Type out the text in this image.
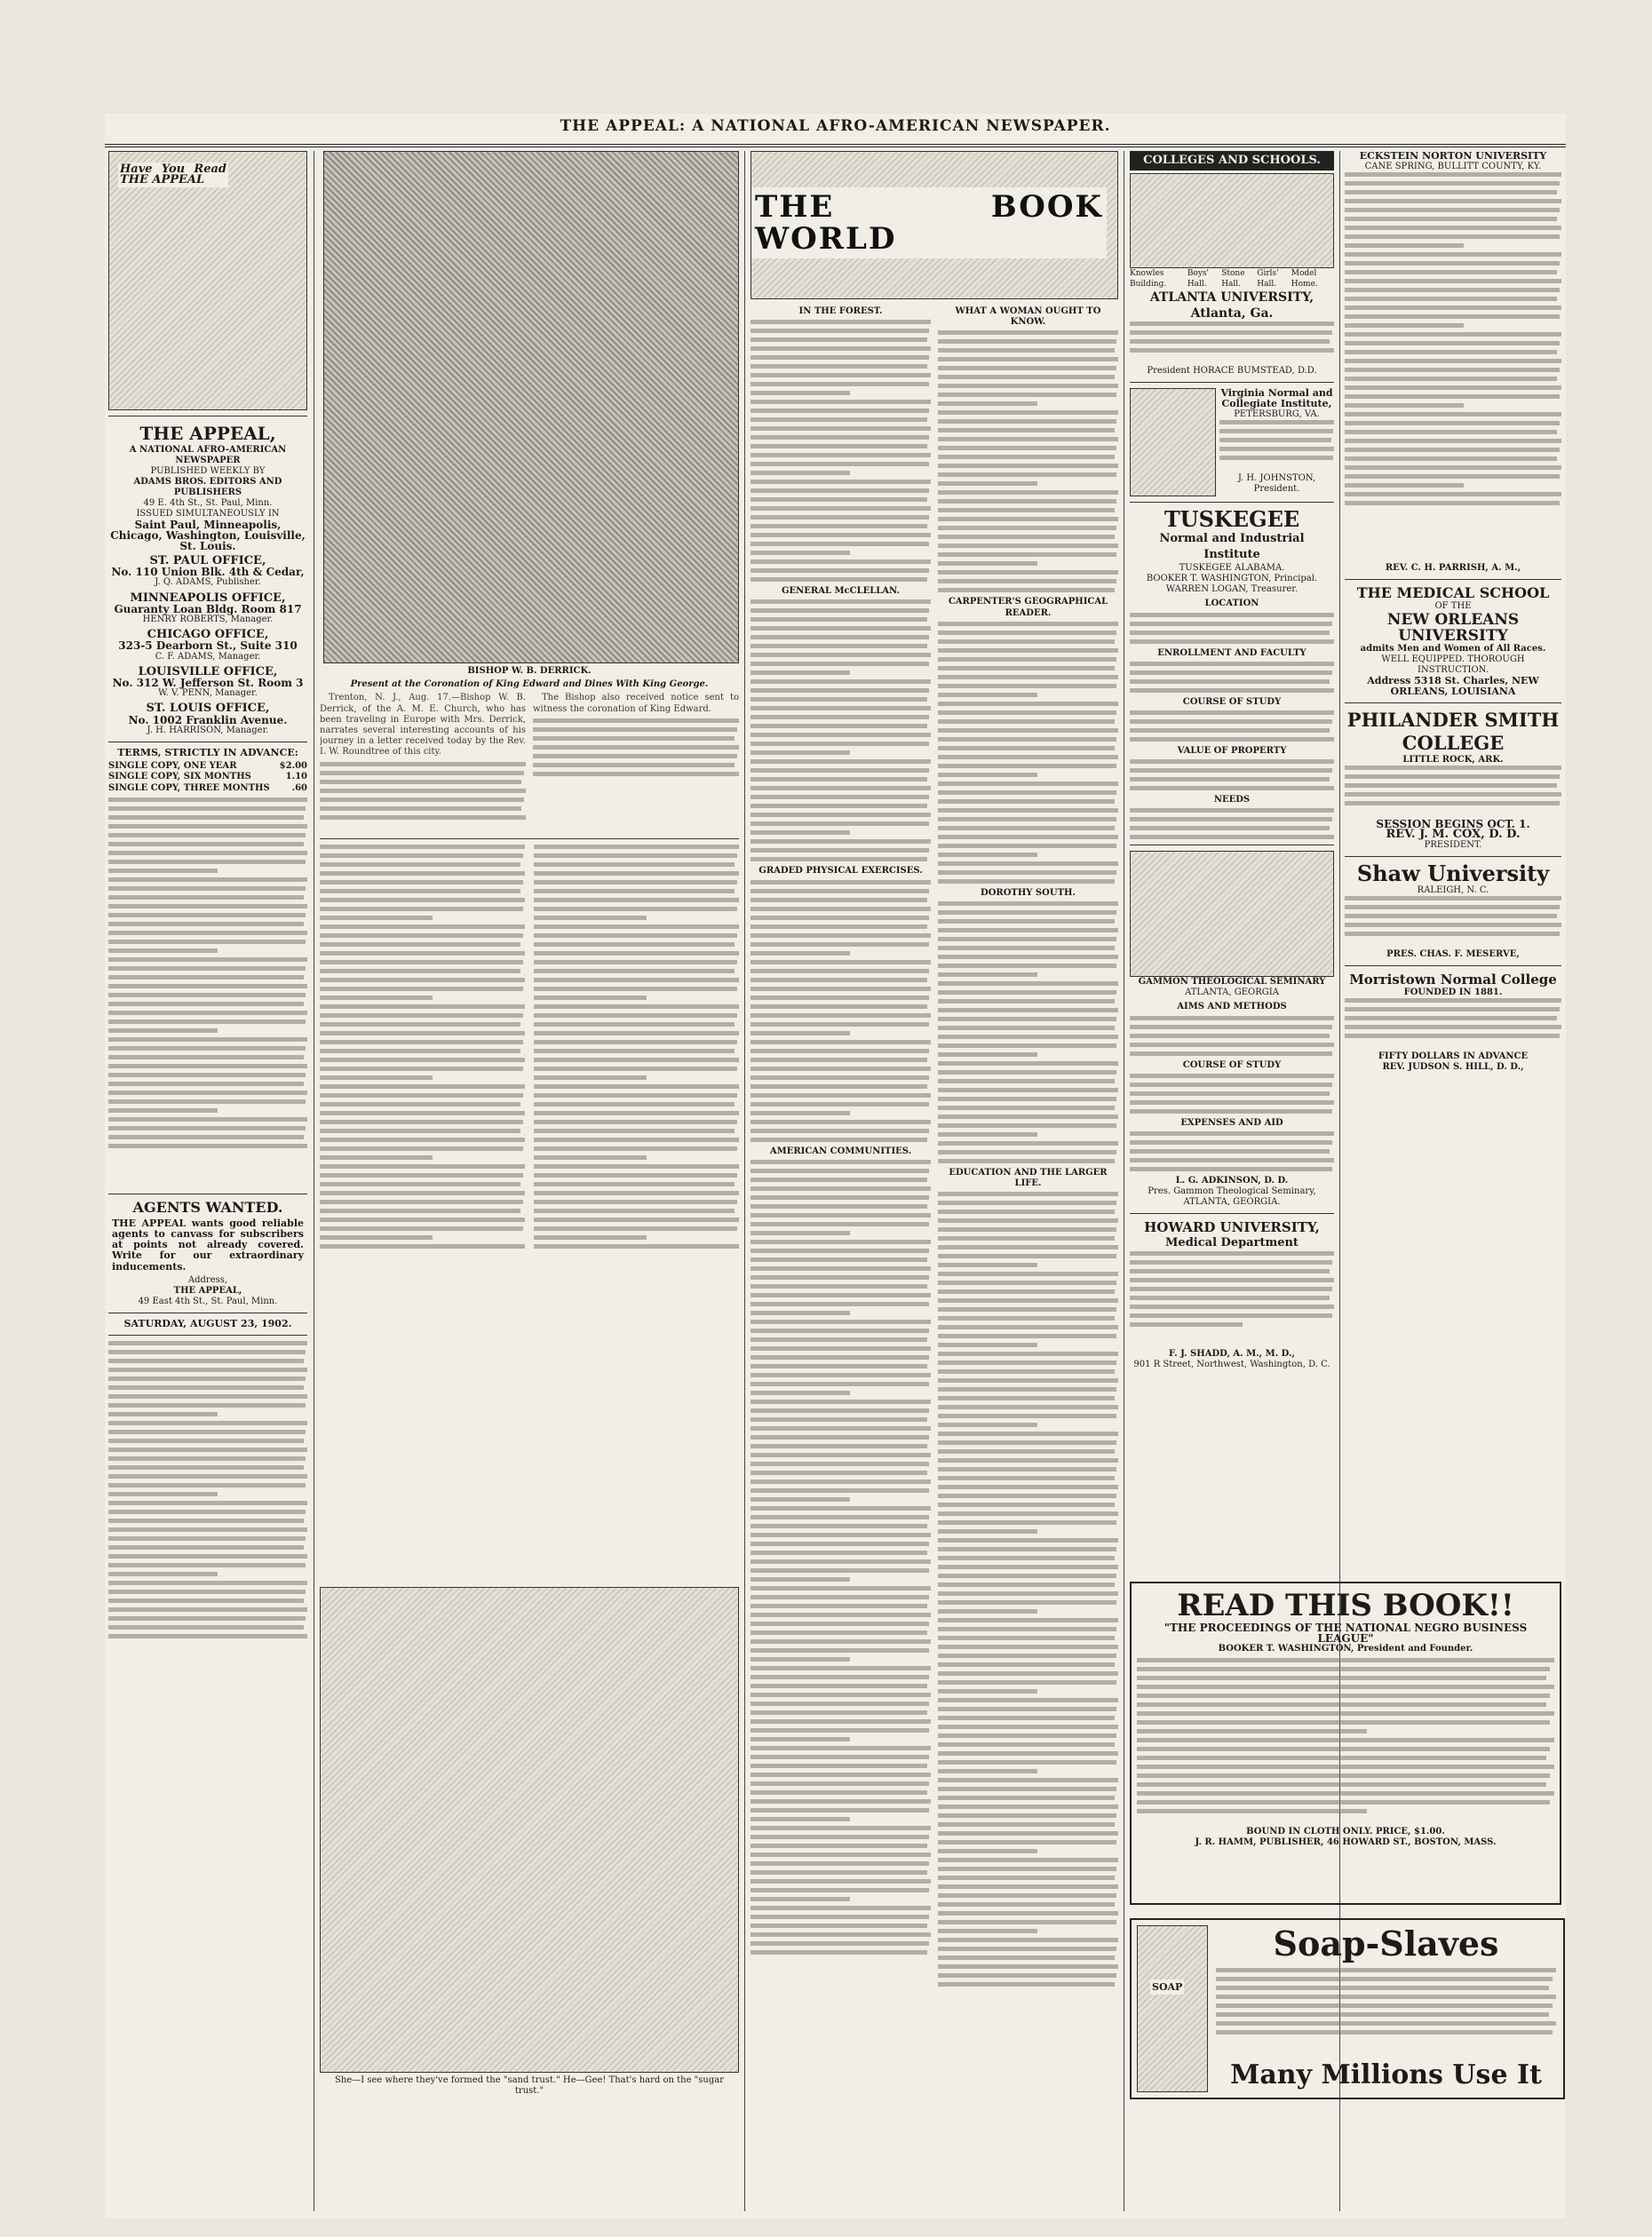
THE APPEAL: A NATIONAL AFRO-AMERICAN NEWSPAPER.
Have You Read THE APPEAL
THE APPEAL,
A NATIONAL AFRO-AMERICAN NEWSPAPER
PUBLISHED WEEKLY BY
ADAMS BROS. EDITORS AND PUBLISHERS
49 E. 4th St., St. Paul, Minn.
ISSUED SIMULTANEOUSLY IN
Saint Paul, Minneapolis, Chicago, Washington, Louisville, St. Louis.
ST. PAUL OFFICE,
No. 110 Union Blk. 4th & Cedar,
J. Q. ADAMS, Publisher.
MINNEAPOLIS OFFICE,
Guaranty Loan Bldg. Room 817
HENRY ROBERTS, Manager.
CHICAGO OFFICE,
323-5 Dearborn St., Suite 310
C. F. ADAMS, Manager.
LOUISVILLE OFFICE,
No. 312 W. Jefferson St. Room 3
W. V. PENN, Manager.
ST. LOUIS OFFICE,
No. 1002 Franklin Avenue.
J. H. HARRISON, Manager.
TERMS, STRICTLY IN ADVANCE:
SINGLE COPY, ONE YEAR	$2.00
SINGLE COPY, SIX MONTHS	1.10
SINGLE COPY, THREE MONTHS .60
AGENTS WANTED.
THE APPEAL wants good reliable agents to canvass for subscribers at points not already covered. Write for our extraordinary inducements.
Address,
THE APPEAL,
49 East 4th St., St. Paul, Minn.
SATURDAY, AUGUST 23, 1902.
BISHOP W. B. DERRICK.
Present at the Coronation of King Edward and Dines With King George.

Trenton, N. J., Aug. 17.—Bishop W. B. Derrick, of the A. M. E. Church, who has been traveling in Europe with Mrs. Derrick, narrates several interesting accounts of his journey in a letter received today by the Rev. I. W. Roundtree of this city.

The Bishop also received notice sent to witness the coronation of King Edward.

She—I see where they've formed the "sand trust." He—Gee! That's hard on the "sugar trust."
THE BOOK WORLD
IN THE FOREST.
GENERAL McCLELLAN.
GRADED PHYSICAL EXERCISES.
AMERICAN COMMUNITIES.
WHAT A WOMAN OUGHT TO KNOW.
CARPENTER'S GEOGRAPHICAL READER.
DOROTHY SOUTH.
EDUCATION AND THE LARGER LIFE.
COLLEGES AND SCHOOLS.
Knowles Building.
Boys' Hall.
Stone Hall.
Girls' Hall.
Model Home.
ATLANTA UNIVERSITY, Atlanta, Ga.
President HORACE BUMSTEAD, D.D.
Virginia Normal and Collegiate Institute,
PETERSBURG, VA.
J. H. JOHNSTON, President.
TUSKEGEE
Normal and Industrial Institute
TUSKEGEE ALABAMA.
BOOKER T. WASHINGTON, Principal.
WARREN LOGAN, Treasurer.
LOCATION
ENROLLMENT AND FACULTY
COURSE OF STUDY
VALUE OF PROPERTY
NEEDS
GAMMON THEOLOGICAL SEMINARY
ATLANTA, GEORGIA
AIMS AND METHODS
COURSE OF STUDY
EXPENSES AND AID
L. G. ADKINSON, D. D.
Pres. Gammon Theological Seminary,
ATLANTA, GEORGIA.
HOWARD UNIVERSITY,
Medical Department
F. J. SHADD, A. M., M. D.,
901 R Street, Northwest, Washington, D. C.
ECKSTEIN NORTON UNIVERSITY
CANE SPRING, BULLITT COUNTY, KY.
REV. C. H. PARRISH, A. M.,
THE MEDICAL SCHOOL
OF THE
NEW ORLEANS UNIVERSITY
admits Men and Women of All Races.
WELL EQUIPPED. THOROUGH INSTRUCTION.
Address 5318 St. Charles, NEW ORLEANS, LOUISIANA
PHILANDER SMITH COLLEGE
LITTLE ROCK, ARK.
SESSION BEGINS OCT. 1.
REV. J. M. COX, D. D.
PRESIDENT.
Shaw University
RALEIGH, N. C.
PRES. CHAS. F. MESERVE,
Morristown Normal College
FOUNDED IN 1881.
FIFTY DOLLARS IN ADVANCE
REV. JUDSON S. HILL, D. D.,
READ THIS BOOK!!
"THE PROCEEDINGS OF THE NATIONAL NEGRO BUSINESS LEAGUE"
BOOKER T. WASHINGTON, President and Founder.
BOUND IN CLOTH ONLY. PRICE, $1.00.
J. R. HAMM, PUBLISHER, 46 HOWARD ST., BOSTON, MASS.
SOAP
Soap-Slaves
Many Millions Use It
